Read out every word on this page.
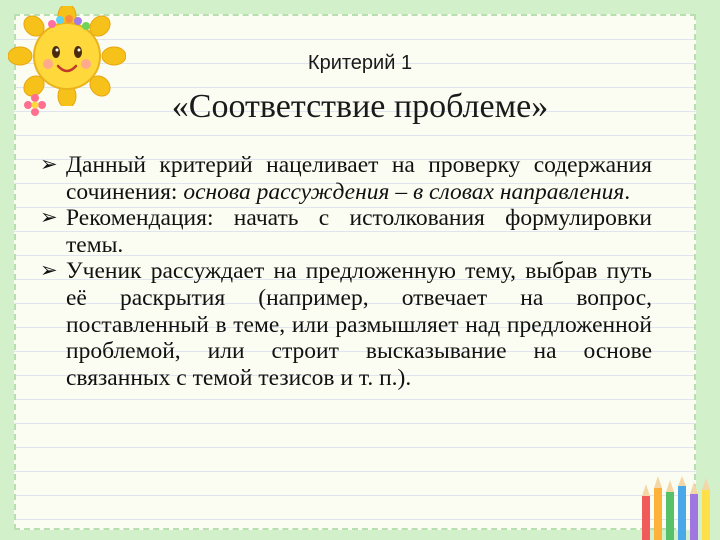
Критерий 1
«Соответствие проблеме»
➢ Данный критерий нацеливает на проверку содержания сочинения: основа рассуждения – в словах направления.
➢ Рекомендация: начать с истолкования формулировки темы.
➢ Ученик рассуждает на предложенную тему, выбрав путь её раскрытия (например, отвечает на вопрос, поставленный в теме, или размышляет над предложенной проблемой, или строит высказывание на основе связанных с темой тезисов и т. п.).
